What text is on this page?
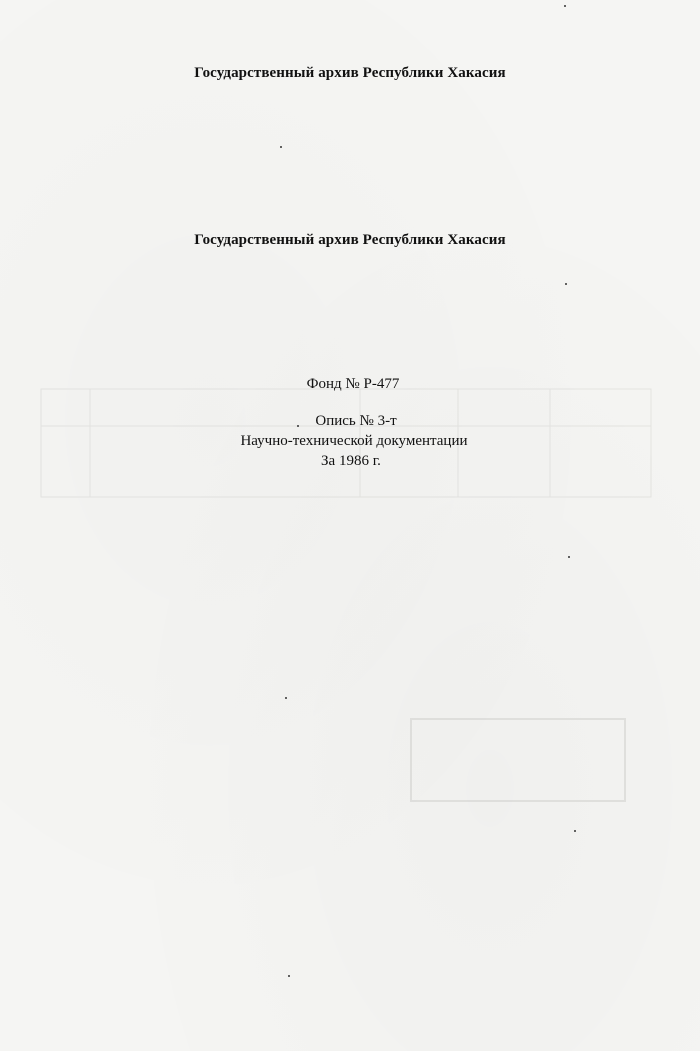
Государственный архив Республики Хакасия
Государственный архив Республики Хакасия
Фонд № Р-477
Опись № 3-т
Научно-технической документации
За 1986 г.
